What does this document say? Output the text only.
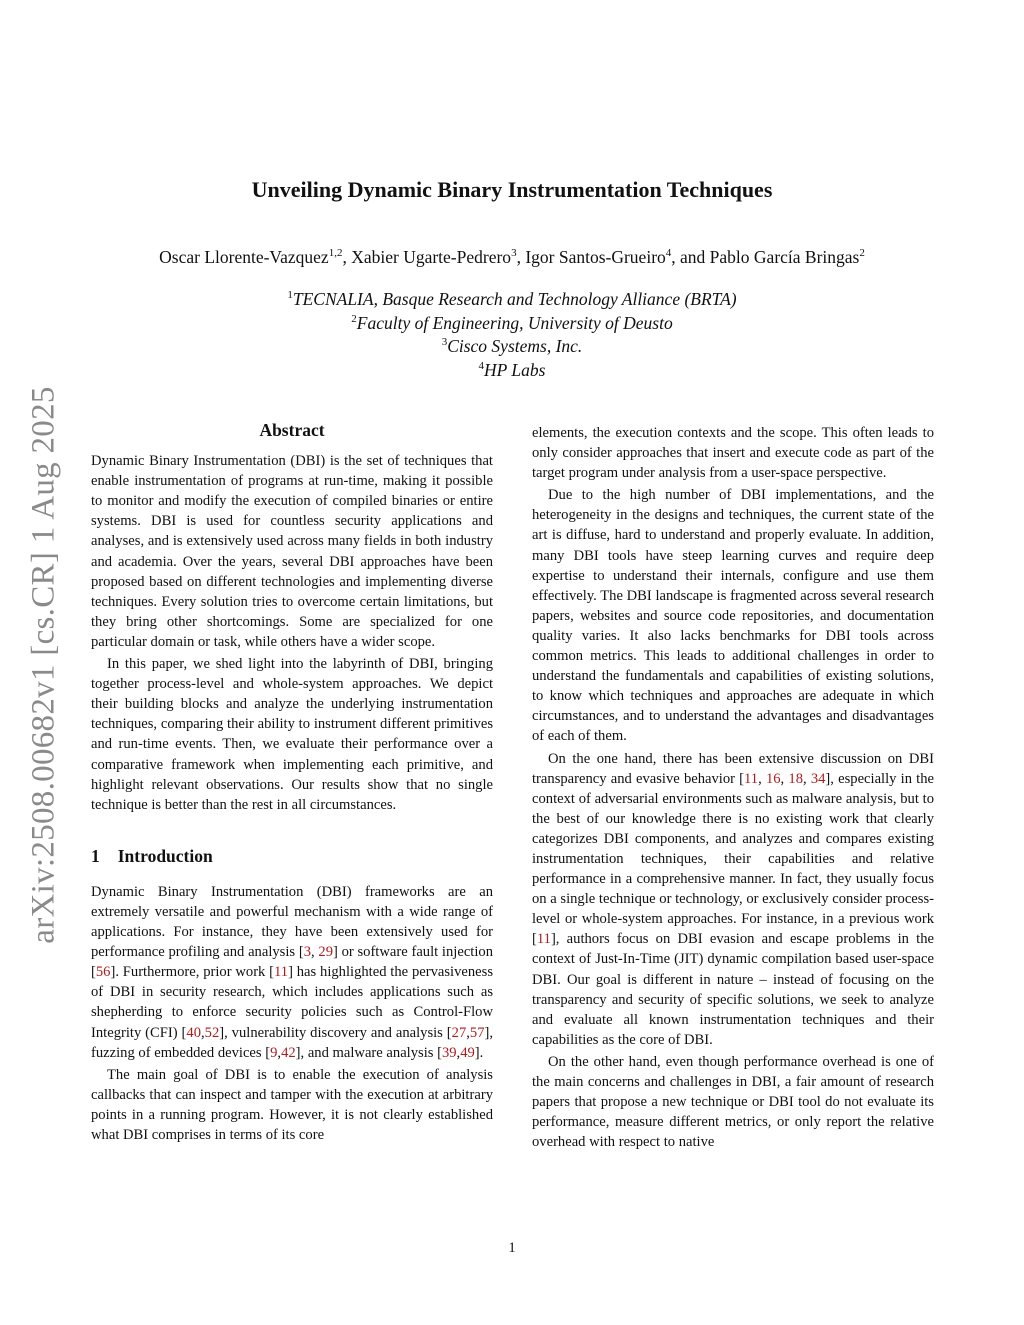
arXiv:2508.00682v1 [cs.CR] 1 Aug 2025
Unveiling Dynamic Binary Instrumentation Techniques
Oscar Llorente-Vazquez$^{1,2}$, Xabier Ugarte-Pedrero$^3$, Igor Santos-Grueiro$^4$, and Pablo García Bringas$^2$
$^1$TECNALIA, Basque Research and Technology Alliance (BRTA)
$^2$Faculty of Engineering, University of Deusto
$^3$Cisco Systems, Inc.
$^4$HP Labs
Abstract

Dynamic Binary Instrumentation (DBI) is the set of techniques that enable instrumentation of programs at run-time, making it possible to monitor and modify the execution of compiled binaries or entire systems. DBI is used for countless security applications and analyses, and is extensively used across many fields in both industry and academia. Over the years, several DBI approaches have been proposed based on different technologies and implementing diverse techniques. Every solution tries to overcome certain limitations, but they bring other shortcomings. Some are specialized for one particular domain or task, while others have a wider scope.

In this paper, we shed light into the labyrinth of DBI, bringing together process-level and whole-system approaches. We depict their building blocks and analyze the underlying instrumentation techniques, comparing their ability to instrument different primitives and run-time events. Then, we evaluate their performance over a comparative framework when implementing each primitive, and highlight relevant observations. Our results show that no single technique is better than the rest in all circumstances.

1 Introduction

Dynamic Binary Instrumentation (DBI) frameworks are an extremely versatile and powerful mechanism with a wide range of applications. For instance, they have been extensively used for performance profiling and analysis [3, 29] or software fault injection [56]. Furthermore, prior work [11] has highlighted the pervasiveness of DBI in security research, which includes applications such as shepherding to enforce security policies such as Control-Flow Integrity (CFI) [40,52], vulnerability discovery and analysis [27,57], fuzzing of embedded devices [9,42], and malware analysis [39,49].

The main goal of DBI is to enable the execution of analysis callbacks that can inspect and tamper with the execution at arbitrary points in a running program. However, it is not clearly established what DBI comprises in terms of its core

elements, the execution contexts and the scope. This often leads to only consider approaches that insert and execute code as part of the target program under analysis from a user-space perspective.

Due to the high number of DBI implementations, and the heterogeneity in the designs and techniques, the current state of the art is diffuse, hard to understand and properly evaluate. In addition, many DBI tools have steep learning curves and require deep expertise to understand their internals, configure and use them effectively. The DBI landscape is fragmented across several research papers, websites and source code repositories, and documentation quality varies. It also lacks benchmarks for DBI tools across common metrics. This leads to additional challenges in order to understand the fundamentals and capabilities of existing solutions, to know which techniques and approaches are adequate in which circumstances, and to understand the advantages and disadvantages of each of them.

On the one hand, there has been extensive discussion on DBI transparency and evasive behavior [11, 16, 18, 34], especially in the context of adversarial environments such as malware analysis, but to the best of our knowledge there is no existing work that clearly categorizes DBI components, and analyzes and compares existing instrumentation techniques, their capabilities and relative performance in a comprehensive manner. In fact, they usually focus on a single technique or technology, or exclusively consider process-level or whole-system approaches. For instance, in a previous work [11], authors focus on DBI evasion and escape problems in the context of Just-In-Time (JIT) dynamic compilation based user-space DBI. Our goal is different in nature – instead of focusing on the transparency and security of specific solutions, we seek to analyze and evaluate all known instrumentation techniques and their capabilities as the core of DBI.

On the other hand, even though performance overhead is one of the main concerns and challenges in DBI, a fair amount of research papers that propose a new technique or DBI tool do not evaluate its performance, measure different metrics, or only report the relative overhead with respect to native

1
